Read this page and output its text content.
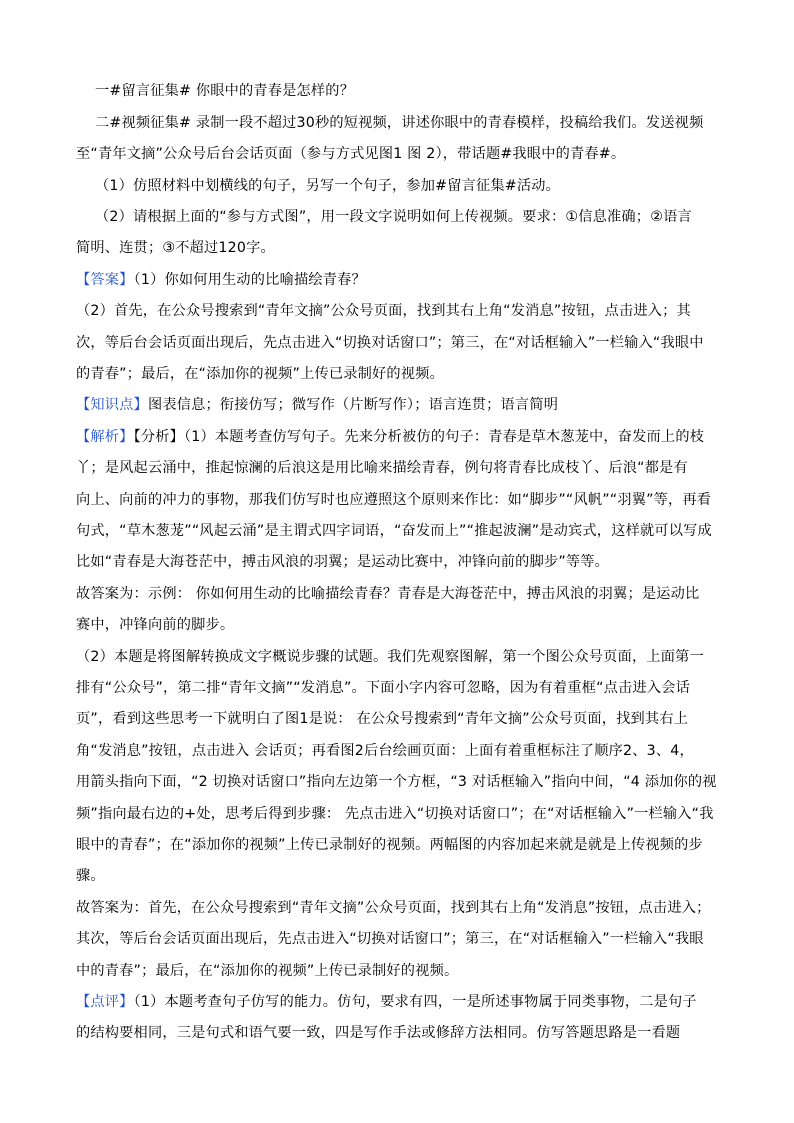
一#留言征集# 你眼中的青春是怎样的？
二#视频征集# 录制一段不超过30秒的短视频，讲述你眼中的青春模样，投稿给我们。发送视频
至“青年文摘”公众号后台会话页面（参与方式见图1 图 2），带话题#我眼中的青春#。
（1）仿照材料中划横线的句子，另写一个句子，参加#留言征集#活动。
（2）请根据上面的“参与方式图”，用一段文字说明如何上传视频。要求：①信息准确；②语言
简明、连贯；③不超过120字。
【答案】（1）你如何用生动的比喻描绘青春？
（2）首先，在公众号搜索到“青年文摘”公众号页面，找到其右上角“发消息”按钮，点击进入；其
次，等后台会话页面出现后，先点击进入“切换对话窗口”；第三，在“对话框输入”一栏输入“我眼中
的青春”；最后，在“添加你的视频”上传已录制好的视频。
【知识点】图表信息；衔接仿写；微写作（片断写作）；语言连贯；语言简明
【解析】【分析】（1）本题考查仿写句子。先来分析被仿的句子：青春是草木葱茏中，奋发而上的枝
丫；是风起云涌中，推起惊澜的后浪这是用比喻来描绘青春，例句将青春比成枝丫、后浪“都是有
向上、向前的冲力的事物，那我们仿写时也应遵照这个原则来作比：如“脚步”“风帆”“羽翼”等，再看
句式，“草木葱茏”“风起云涌”是主谓式四字词语，“奋发而上”“推起波澜”是动宾式，这样就可以写成
比如“青春是大海苍茫中，搏击风浪的羽翼；是运动比赛中，冲锋向前的脚步”等等。
故答案为：示例： 你如何用生动的比喻描绘青春？青春是大海苍茫中，搏击风浪的羽翼；是运动比
赛中，冲锋向前的脚步。
（2）本题是将图解转换成文字概说步骤的试题。我们先观察图解，第一个图公众号页面，上面第一
排有“公众号”，第二排“青年文摘”“发消息”。下面小字内容可忽略，因为有着重框“点击进入会话
页”，看到这些思考一下就明白了图1是说： 在公众号搜索到“青年文摘”公众号页面，找到其右上
角“发消息”按钮，点击进入 会话页；再看图2后台绘画页面：上面有着重框标注了顺序2、3、4，
用箭头指向下面，“2 切换对话窗口”指向左边第一个方框，“3 对话框输入”指向中间，“4 添加你的视
频”指向最右边的+处，思考后得到步骤： 先点击进入“切换对话窗口”；在“对话框输入”一栏输入“我
眼中的青春”；在“添加你的视频”上传已录制好的视频。两幅图的内容加起来就是就是上传视频的步
骤。
故答案为：首先，在公众号搜索到“青年文摘”公众号页面，找到其右上角“发消息”按钮，点击进入；
其次，等后台会话页面出现后，先点击进入“切换对话窗口”；第三，在“对话框输入”一栏输入“我眼
中的青春”；最后，在“添加你的视频”上传已录制好的视频。
【点评】（1）本题考查句子仿写的能力。仿句，要求有四，一是所述事物属于同类事物，二是句子
的结构要相同，三是句式和语气要一致，四是写作手法或修辞方法相同。仿写答题思路是一看题
